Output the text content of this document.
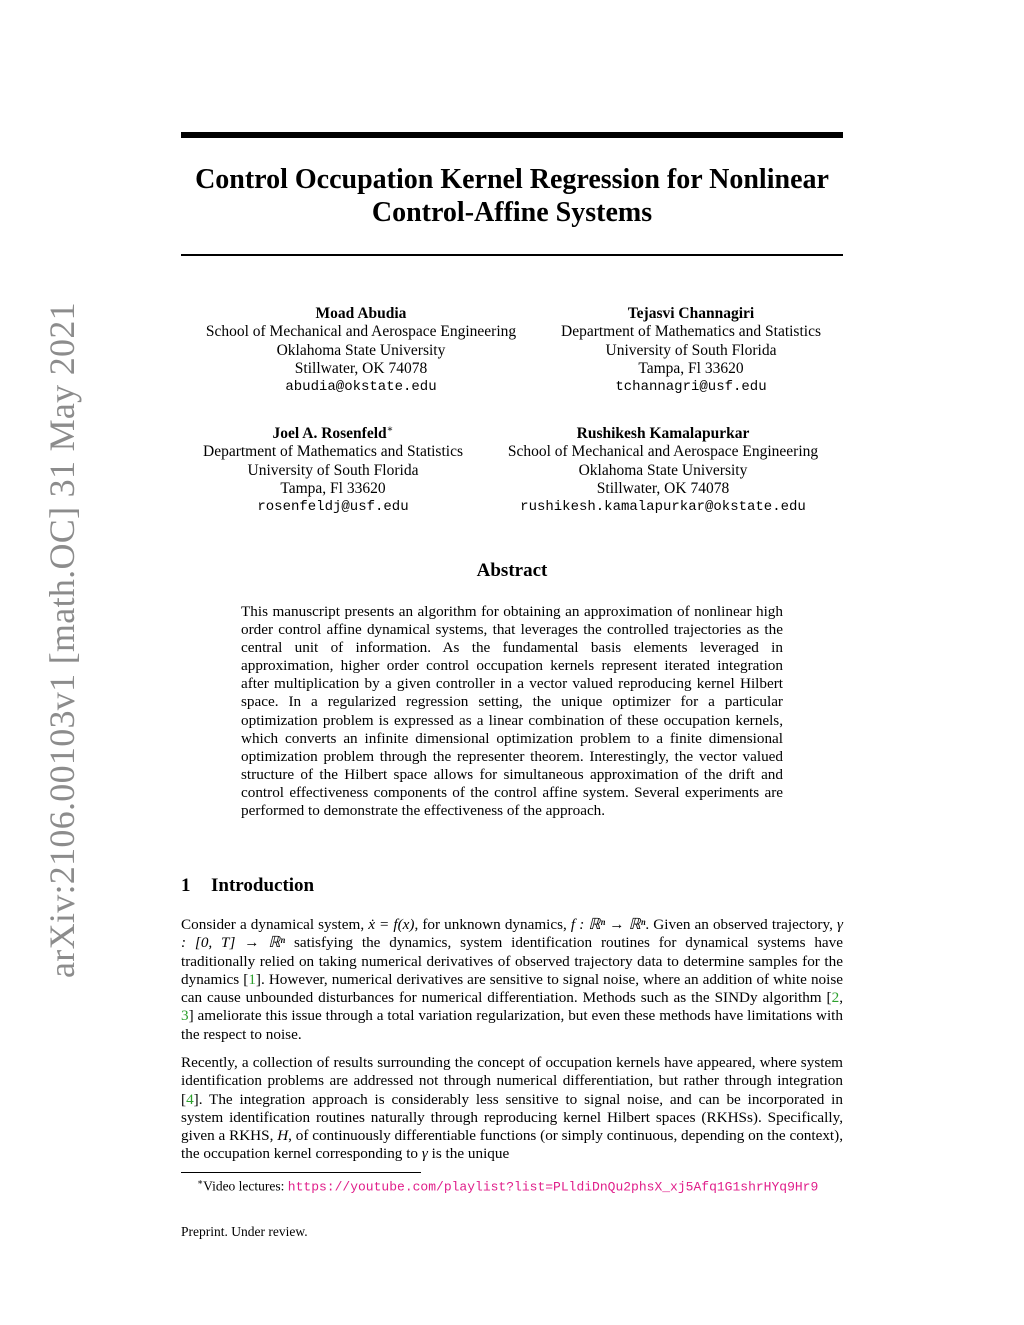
arXiv:2106.00103v1 [math.OC] 31 May 2021
Control Occupation Kernel Regression for Nonlinear
Control-Affine Systems
Moad Abudia
School of Mechanical and Aerospace Engineering
Oklahoma State University
Stillwater, OK 74078
abudia@okstate.edu
Tejasvi Channagiri
Department of Mathematics and Statistics
University of South Florida
Tampa, Fl 33620
tchannagri@usf.edu
Joel A. Rosenfeld∗
Department of Mathematics and Statistics
University of South Florida
Tampa, Fl 33620
rosenfeldj@usf.edu
Rushikesh Kamalapurkar
School of Mechanical and Aerospace Engineering
Oklahoma State University
Stillwater, OK 74078
rushikesh.kamalapurkar@okstate.edu
Abstract

This manuscript presents an algorithm for obtaining an approximation of nonlinear high order control affine dynamical systems, that leverages the controlled trajectories as the central unit of information. As the fundamental basis elements leveraged in approximation, higher order control occupation kernels represent iterated integration after multiplication by a given controller in a vector valued reproducing kernel Hilbert space. In a regularized regression setting, the unique optimizer for a particular optimization problem is expressed as a linear combination of these occupation kernels, which converts an infinite dimensional optimization problem to a finite dimensional optimization problem through the representer theorem. Interestingly, the vector valued structure of the Hilbert space allows for simultaneous approximation of the drift and control effectiveness components of the control affine system. Several experiments are performed to demonstrate the effectiveness of the approach.

1 Introduction

Consider a dynamical system, ẋ = f(x), for unknown dynamics, f : ℝⁿ → ℝⁿ. Given an observed trajectory, γ : [0, T] → ℝⁿ satisfying the dynamics, system identification routines for dynamical systems have traditionally relied on taking numerical derivatives of observed trajectory data to determine samples for the dynamics [1]. However, numerical derivatives are sensitive to signal noise, where an addition of white noise can cause unbounded disturbances for numerical differentiation. Methods such as the SINDy algorithm [2, 3] ameliorate this issue through a total variation regularization, but even these methods have limitations with the respect to noise.

Recently, a collection of results surrounding the concept of occupation kernels have appeared, where system identification problems are addressed not through numerical differentiation, but rather through integration [4]. The integration approach is considerably less sensitive to signal noise, and can be incorporated in system identification routines naturally through reproducing kernel Hilbert spaces (RKHSs). Specifically, given a RKHS, H, of continuously differentiable functions (or simply continuous, depending on the context), the occupation kernel corresponding to γ is the unique

∗Video lectures: https://youtube.com/playlist?list=PLldiDnQu2phsX_xj5Afq1G1shrHYq9Hr9

Preprint. Under review.
